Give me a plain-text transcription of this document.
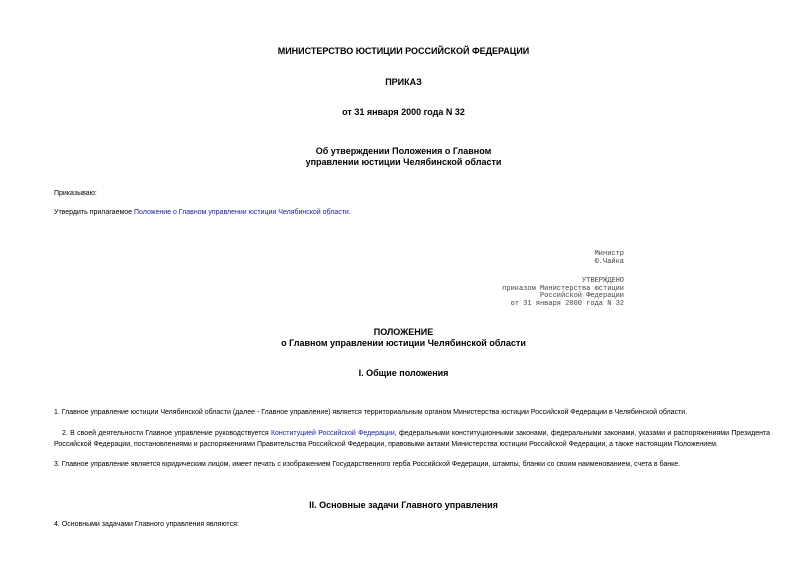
МИНИСТЕРСТВО ЮСТИЦИИ РОССИЙСКОЙ ФЕДЕРАЦИИ
ПРИКАЗ
от 31 января 2000 года N 32
Об утверждении Положения о Главном
управлении юстиции Челябинской области
Приказываю:
Утвердить прилагаемое Положение о Главном управлении юстиции Челябинской области.
Министр
Ю.Чайка
УТВЕРЖДЕНО
приказом Министерства юстиции
Российской Федерации
от 31 января 2000 года N 32
ПОЛОЖЕНИЕ
о Главном управлении юстиции Челябинской области
I. Общие положения
1. Главное управление юстиции Челябинской области (далее - Главное управление) является территориальным органом Министерства юстиции Российской Федерации в Челябинской области.
2. В своей деятельности Главное управление руководствуется Конституцией Российской Федерации, федеральными конституционными законами, федеральными законами, указами и распоряжениями Президента Российской Федерации, постановлениями и распоряжениями Правительства Российской Федерации, правовыми актами Министерства юстиции Российской Федерации, а также настоящим Положением.
3. Главное управление является юридическим лицом, имеет печать с изображением Государственного герба Российской Федерации, штампы, бланки со своим наименованием, счета в банке.
II. Основные задачи Главного управления
4. Основными задачами Главного управления являются:
